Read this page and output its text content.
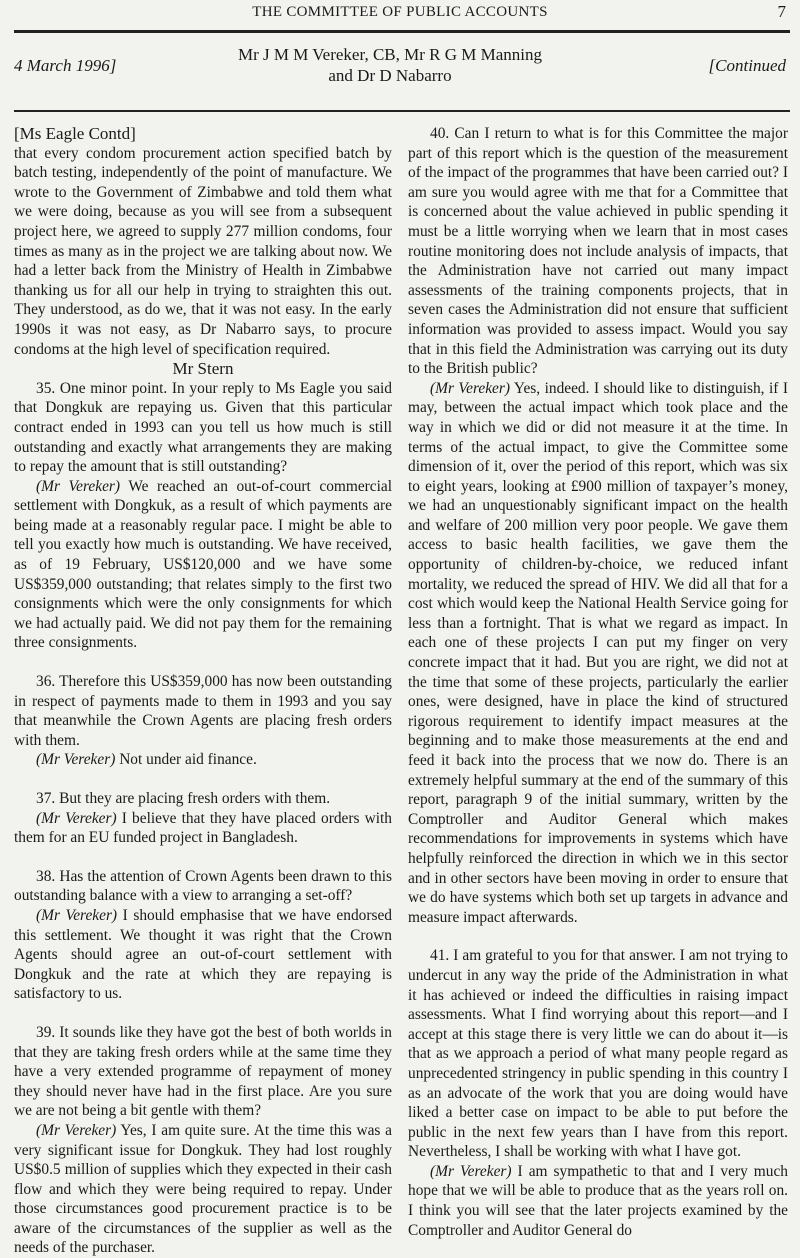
THE COMMITTEE OF PUBLIC ACCOUNTS	7
4 March 1996]
Mr J M M Vereker, CB, Mr R G M Manning
and Dr D Nabarro
[Continued

[Ms Eagle Contd]

that every condom procurement action specified batch by batch testing, independently of the point of manufacture. We wrote to the Government of Zimbabwe and told them what we were doing, because as you will see from a subsequent project here, we agreed to supply 277 million condoms, four times as many as in the project we are talking about now. We had a letter back from the Ministry of Health in Zimbabwe thanking us for all our help in trying to straighten this out. They understood, as do we, that it was not easy. In the early 1990s it was not easy, as Dr Nabarro says, to procure condoms at the high level of specification required.

Mr Stern

35. One minor point. In your reply to Ms Eagle you said that Dongkuk are repaying us. Given that this particular contract ended in 1993 can you tell us how much is still outstanding and exactly what arrangements they are making to repay the amount that is still outstanding?

(Mr Vereker) We reached an out-of-court commercial settlement with Dongkuk, as a result of which payments are being made at a reasonably regular pace. I might be able to tell you exactly how much is outstanding. We have received, as of 19 February, US$120,000 and we have some US$359,000 outstanding; that relates simply to the first two consignments which were the only consignments for which we had actually paid. We did not pay them for the remaining three consignments.

36. Therefore this US$359,000 has now been outstanding in respect of payments made to them in 1993 and you say that meanwhile the Crown Agents are placing fresh orders with them.

(Mr Vereker) Not under aid finance.

37. But they are placing fresh orders with them.

(Mr Vereker) I believe that they have placed orders with them for an EU funded project in Bangladesh.

38. Has the attention of Crown Agents been drawn to this outstanding balance with a view to arranging a set-off?

(Mr Vereker) I should emphasise that we have endorsed this settlement. We thought it was right that the Crown Agents should agree an out-of-court settlement with Dongkuk and the rate at which they are repaying is satisfactory to us.

39. It sounds like they have got the best of both worlds in that they are taking fresh orders while at the same time they have a very extended programme of repayment of money they should never have had in the first place. Are you sure we are not being a bit gentle with them?

(Mr Vereker) Yes, I am quite sure. At the time this was a very significant issue for Dongkuk. They had lost roughly US$0.5 million of supplies which they expected in their cash flow and which they were being required to repay. Under those circumstances good procurement practice is to be aware of the circumstances of the supplier as well as the needs of the purchaser.

40. Can I return to what is for this Committee the major part of this report which is the question of the measurement of the impact of the programmes that have been carried out? I am sure you would agree with me that for a Committee that is concerned about the value achieved in public spending it must be a little worrying when we learn that in most cases routine monitoring does not include analysis of impacts, that the Administration have not carried out many impact assessments of the training components projects, that in seven cases the Administration did not ensure that sufficient information was provided to assess impact. Would you say that in this field the Administration was carrying out its duty to the British public?

(Mr Vereker) Yes, indeed. I should like to distinguish, if I may, between the actual impact which took place and the way in which we did or did not measure it at the time. In terms of the actual impact, to give the Committee some dimension of it, over the period of this report, which was six to eight years, looking at £900 million of taxpayer’s money, we had an unquestionably significant impact on the health and welfare of 200 million very poor people. We gave them access to basic health facilities, we gave them the opportunity of children-by-choice, we reduced infant mortality, we reduced the spread of HIV. We did all that for a cost which would keep the National Health Service going for less than a fortnight. That is what we regard as impact. In each one of these projects I can put my finger on very concrete impact that it had. But you are right, we did not at the time that some of these projects, particularly the earlier ones, were designed, have in place the kind of structured rigorous requirement to identify impact measures at the beginning and to make those measurements at the end and feed it back into the process that we now do. There is an extremely helpful summary at the end of the summary of this report, paragraph 9 of the initial summary, written by the Comptroller and Auditor General which makes recommendations for improvements in systems which have helpfully reinforced the direction in which we in this sector and in other sectors have been moving in order to ensure that we do have systems which both set up targets in advance and measure impact afterwards.

41. I am grateful to you for that answer. I am not trying to undercut in any way the pride of the Administration in what it has achieved or indeed the difficulties in raising impact assessments. What I find worrying about this report—and I accept at this stage there is very little we can do about it—is that as we approach a period of what many people regard as unprecedented stringency in public spending in this country I as an advocate of the work that you are doing would have liked a better case on impact to be able to put before the public in the next few years than I have from this report. Nevertheless, I shall be working with what I have got.

(Mr Vereker) I am sympathetic to that and I very much hope that we will be able to produce that as the years roll on. I think you will see that the later projects examined by the Comptroller and Auditor General do
